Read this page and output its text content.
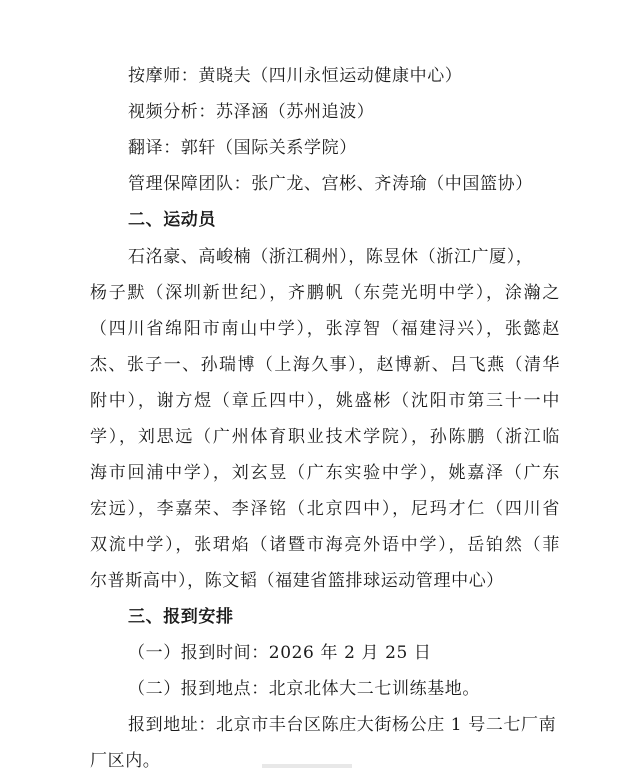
按摩师：黄晓夫（四川永恒运动健康中心）
视频分析：苏泽涵（苏州追波）
翻译：郭轩（国际关系学院）
管理保障团队：张广龙、宫彬、齐涛瑜（中国篮协）
二、运动员
石洺豪、高峻楠（浙江稠州），陈昱休（浙江广厦），
杨子默（深圳新世纪），齐鹏帆（东莞光明中学），涂瀚之
（四川省绵阳市南山中学），张淳智（福建浔兴），张懿赵
杰、张子一、孙瑞博（上海久事），赵博新、吕飞燕（清华
附中），谢方煜（章丘四中），姚盛彬（沈阳市第三十一中
学），刘思远（广州体育职业技术学院），孙陈鹏（浙江临
海市回浦中学），刘玄昱（广东实验中学），姚嘉泽（广东
宏远），李嘉荣、李泽铭（北京四中），尼玛才仁（四川省
双流中学），张珺焰（诸暨市海亮外语中学），岳铂然（菲
尔普斯高中），陈文韬（福建省篮排球运动管理中心）
三、报到安排
（一）报到时间：2026 年 2 月 25 日
（二）报到地点：北京北体大二七训练基地。
报到地址：北京市丰台区陈庄大街杨公庄 1 号二七厂南
厂区内。
